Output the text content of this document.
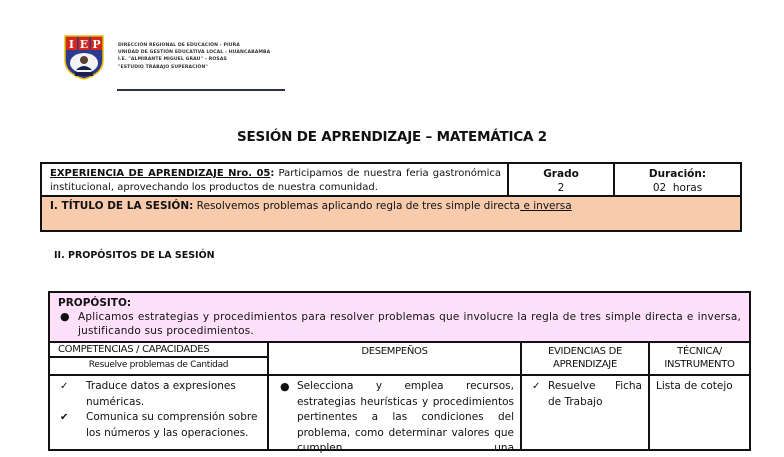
I E P	DIRECCIÓN REGIONAL DE EDUCACIÓN - PIURA
UNIDAD DE GESTIÓN EDUCATIVA LOCAL - HUANCABAMBA
I.E. "ALMIRANTE MIGUEL GRAU" – ROSAS
"ESTUDIO TRABAJO SUPERACIÓN"
SESIÓN DE APRENDIZAJE – MATEMÁTICA 2
EXPERIENCIA DE APRENDIZAJE Nro. 05: Participamos de nuestra feria gastronómica institucional, aprovechando los productos de nuestra comunidad.
Grado
2
Duración:
02  horas
I. TÍTULO DE LA SESIÓN: Resolvemos problemas aplicando regla de tres simple directa e inversa
II. PROPÓSITOS DE LA SESIÓN
PROPÓSITO:
● Aplicamos estrategias y procedimientos para resolver problemas que involucre la regla de tres simple directa e inversa, justificando sus procedimientos.
COMPETENCIAS / CAPACIDADES
Resuelve problemas de Cantidad
✓ Traduce datos a expresiones numéricas.
✔ Comunica su comprensión sobre los números y las operaciones.
DESEMPEÑOS
● Selecciona y emplea recursos, estrategias heurísticas y procedimientos pertinentes a las condiciones del problema, como determinar valores que cumplen una
EVIDENCIAS DE APRENDIZAJE
✓ Resuelve Ficha
de Trabajo
TÉCNICA/ INSTRUMENTO
Lista de cotejo
